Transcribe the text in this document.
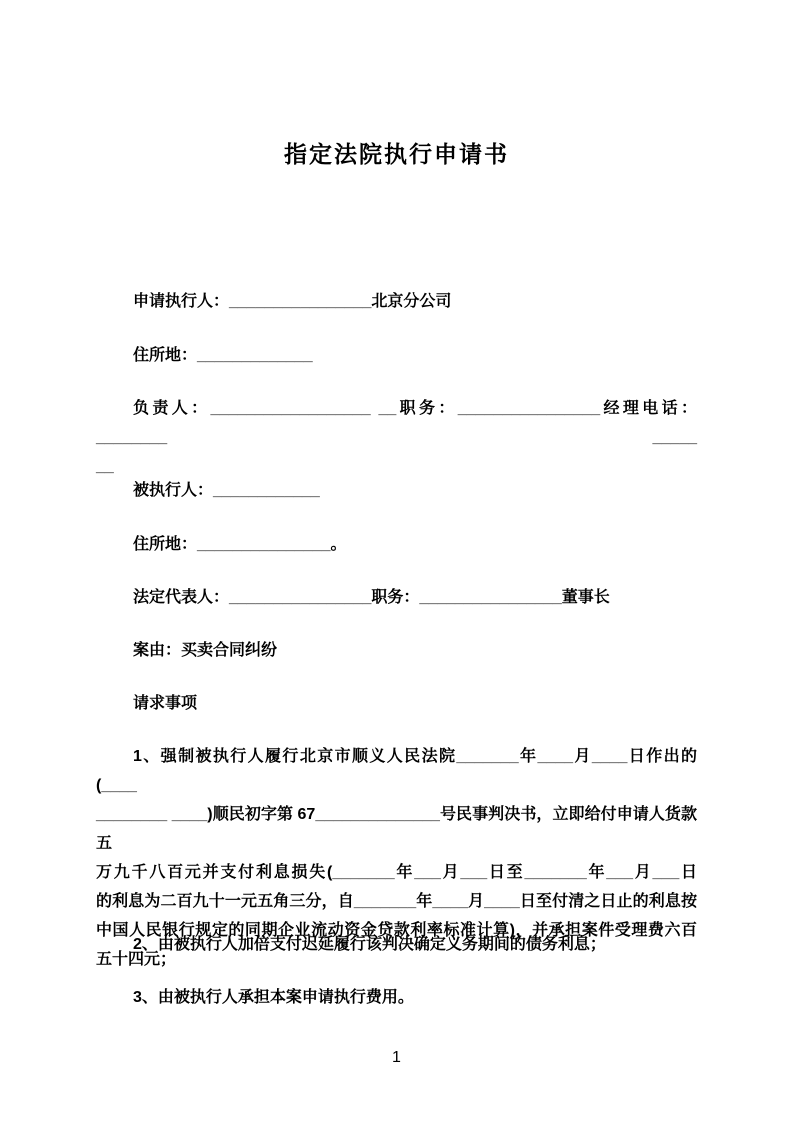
指定法院执行申请书
申请执行人：________________北京分公司
住所地：_____________
负责人：__________________ __职务：________________经理电话：________ _____
__
被执行人：____________
住所地：_______________。
法定代表人：________________职务：________________董事长
案由：买卖合同纠纷
请求事项
1、强制被执行人履行北京市顺义人民法院_______年____月____日作出的(____
________ ____)顺民初字第 67______________号民事判决书，立即给付申请人货款五
万九千八百元并支付利息损失(_______年___月___日至_______年___月___日
的利息为二百九十一元五角三分，自_______年____月____日至付清之日止的利息按
中国人民银行规定的同期企业流动资金贷款利率标准计算)，并承担案件受理费六百
五十四元；
2、由被执行人加倍支付迟延履行该判决确定义务期间的债务利息；
3、由被执行人承担本案申请执行费用。
1
